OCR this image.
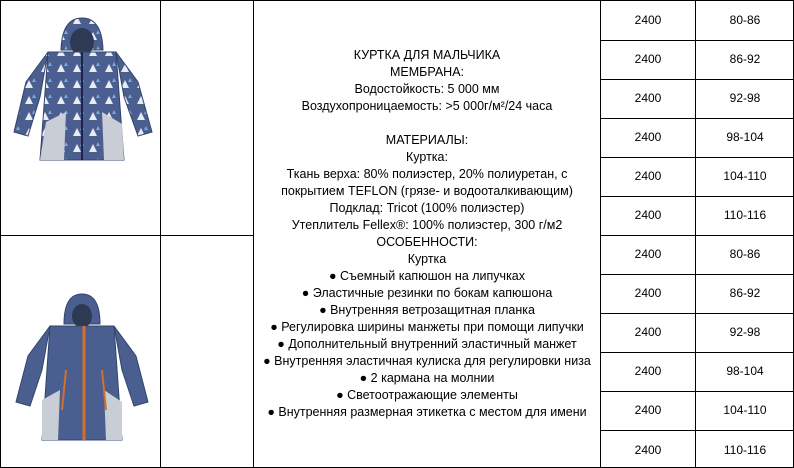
КУРТКА ДЛЯ МАЛЬЧИКА
МЕМБРАНА:
Водостойкость: 5 000 мм
Воздухопроницаемость: >5 000г/м²/24 часа
МАТЕРИАЛЫ:
Куртка:
Ткань верха: 80% полиэстер, 20% полиуретан, с
покрытием TEFLON (грязе- и водооталкивающим)
Подклад: Tricot (100% полиэстер)
Утеплитель Fellex®: 100% полиэстер, 300 г/м2
ОСОБЕННОСТИ:
Куртка
● Съемный капюшон на липучках
● Эластичные резинки по бокам капюшона
● Внутренняя ветрозащитная планка
● Регулировка ширины манжеты при помощи липучки
● Дополнительный внутренний эластичный манжет
● Внутренняя эластичная кулиска для регулировки низа
● 2 кармана на молнии
● Светоотражающие элементы
● Внутренняя размерная этикетка с местом для имени
2400	80-86
2400	86-92
2400	92-98
2400	98-104
2400	104-110
2400	110-116
2400	80-86
2400	86-92
2400	92-98
2400	98-104
2400	104-110
2400	110-116
